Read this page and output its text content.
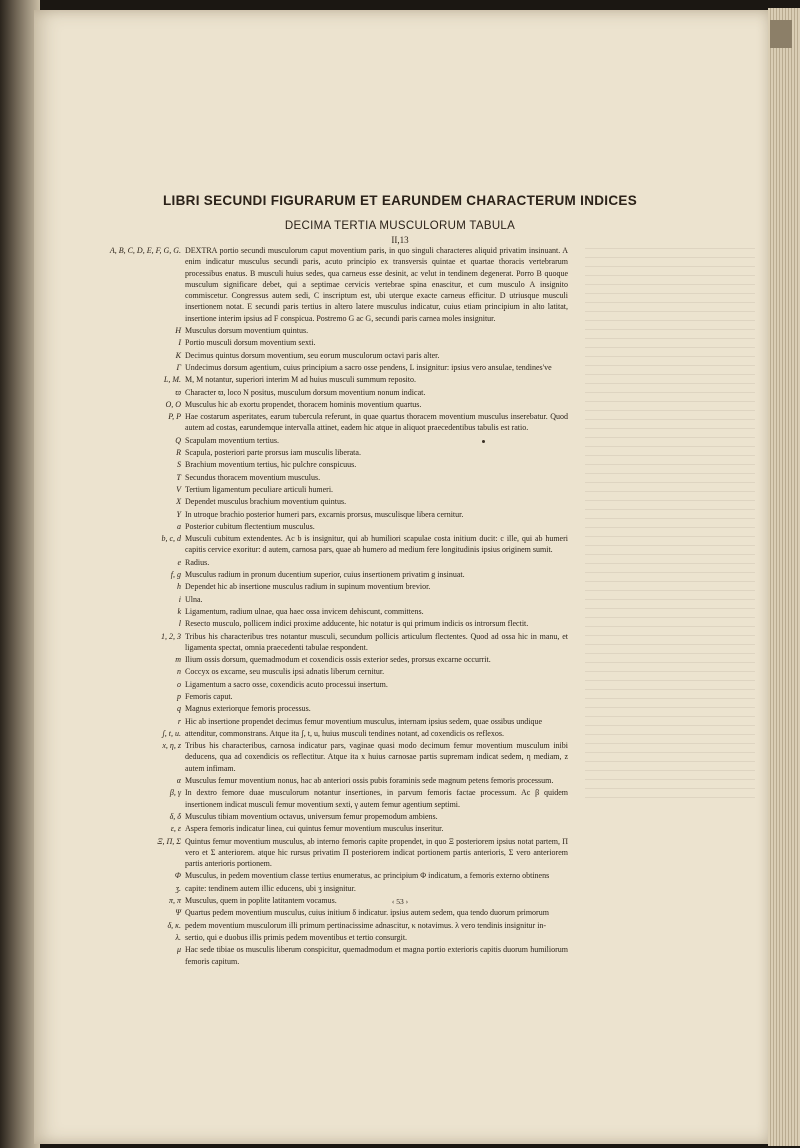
LIBRI SECUNDI FIGURARUM ET EARUNDEM CHARACTERUM INDICES
DECIMA TERTIA MUSCULORUM TABULA
II,13
A, B, C, D, E, F, G, G. DEXTRA portio secundi musculorum caput moventium paris, in quo singuli characteres aliquid privatim insinuant. A enim indicatur musculus secundi paris, acuto principio ex transversis quintae et quartae thoracis vertebrarum processibus enatus. B musculi huius sedes, qua carneus esse desinit, ac velut in tendinem degenerat. Porro B quoque musculum significare debet, qui a septimae cervicis vertebrae spina enascitur, et cum musculo A insignito commiscetur. Congressus autem sedi, C inscriptum est, ubi uterque exacte carneus efficitur. D utriusque musculi insertionem notat. E secundi paris tertius in altero latere musculus indicatur, cuius etiam principium in alto latitat, insertione interim ipsius ad F conspicua. Postremo G ac G, secundi paris carnea moles insignitur.
H Musculus dorsum moventium quintus.
I Portio musculi dorsum moventium sexti.
K Decimus quintus dorsum moventium, seu eorum musculorum octavi paris alter.
Γ Undecimus dorsum agentium, cuius principium a sacro osse pendens, L insignitur: ipsius vero ansulae, tendines've
L, M. M, M notantur, superiori interim M ad huius musculi summum reposito.
ϖ Character ϖ, loco N positus, musculum dorsum moventium nonum indicat.
O, O Musculus hic ab exortu propendet, thoracem hominis moventium quartus.
P, P Hae costarum asperitates, earum tubercula referunt, in quae quartus thoracem moventium musculus inserebatur. Quod autem ad costas, earundemque intervalla attinet, eadem hic atque in aliquot praecedentibus tabulis est ratio.
Q Scapulam moventium tertius.
R Scapula, posteriori parte prorsus iam musculis liberata.
S Brachium moventium tertius, hic pulchre conspicuus.
T Secundus thoracem moventium musculus.
V Tertium ligamentum peculiare articuli humeri.
X Dependet musculus brachium moventium quintus.
Y In utroque brachio posterior humeri pars, excarnis prorsus, musculisque libera cernitur.
a Posterior cubitum flectentium musculus.
b, c, d Musculi cubitum extendentes. Ac b is insignitur, qui ab humiliori scapulae costa initium ducit: c ille, qui ab humeri capitis cervice exoritur: d autem, carnosa pars, quae ab humero ad medium fere longitudinis ipsius originem sumit.
e Radius.
f, g Musculus radium in pronum ducentium superior, cuius insertionem privatim g insinuat.
h Dependet hic ab insertione musculus radium in supinum moventium brevior.
i Ulna.
k Ligamentum, radium ulnae, qua haec ossa invicem dehiscunt, committens.
l Resecto musculo, pollicem indici proxime adducente, hic notatur is qui primum indicis os introrsum flectit.
1, 2, 3 Tribus his characteribus tres notantur musculi, secundum pollicis articulum flectentes. Quod ad ossa hic in manu, et ligamenta spectat, omnia praecedenti tabulae respondent.
m Ilium ossis dorsum, quemadmodum et coxendicis ossis exterior sedes, prorsus excarne occurrit.
n Coccyx os excarne, seu musculis ipsi adnatis liberum cernitur.
o Ligamentum a sacro osse, coxendicis acuto processui insertum.
p Femoris caput.
q Magnus exteriorque femoris processus.
r Hic ab insertione propendet decimus femur moventium musculus, internam ipsius sedem, quae ossibus undique
ʃ, t, u. attenditur, commonstrans. Atque ita ʃ, t, u, huius musculi tendines notant, ad coxendicis os reflexos.
x, η, z Tribus his characteribus, carnosa indicatur pars, vaginae quasi modo decimum femur moventium musculum inibi deducens, qua ad coxendicis os reflectitur. Atque ita x huius carnosae partis supremam indicat sedem, η mediam, z autem infimam.
α Musculus femur moventium nonus, hac ab anteriori ossis pubis foraminis sede magnum petens femoris processum.
β, γ In dextro femore duae musculorum notantur insertiones, in parvum femoris factae processum. Ac β quidem insertionem indicat musculi femur moventium sexti, γ autem femur agentium septimi.
δ, δ Musculus tibiam moventium octavus, universum femur propemodum ambiens.
ε, ε Aspera femoris indicatur linea, cui quintus femur moventium musculus inseritur.
Ξ, Π, Σ Quintus femur moventium musculus, ab interno femoris capite propendet, in quo Ξ posteriorem ipsius notat partem, Π vero et Σ anteriorem. atque hic rursus privatim Π posteriorem indicat portionem partis anterioris, Σ vero anteriorem partis anterioris portionem.
Φ Musculus, in pedem moventium classe tertius enumeratus, ac principium Φ indicatum, a femoris externo obtinens
ʒ. capite: tendinem autem illic educens, ubi ʒ insignitur.
π, π Musculus, quem in poplite latitantem vocamus.
Ψ Quartus pedem moventium musculus, cuius initium δ indicatur. ipsius autem sedem, qua tendo duorum primorum
δ, κ. pedem moventium musculorum illi primum pertinacissime adnascitur, κ notavimus. λ vero tendinis insignitur in-
λ. sertio, qui e duobus illis primis pedem moventibus et tertio consurgit.
μ Hac sede tibiae os musculis liberum conspicitur, quemadmodum et magna portio exterioris capitis duorum humiliorum femoris capitum.
‹ 53 ›
